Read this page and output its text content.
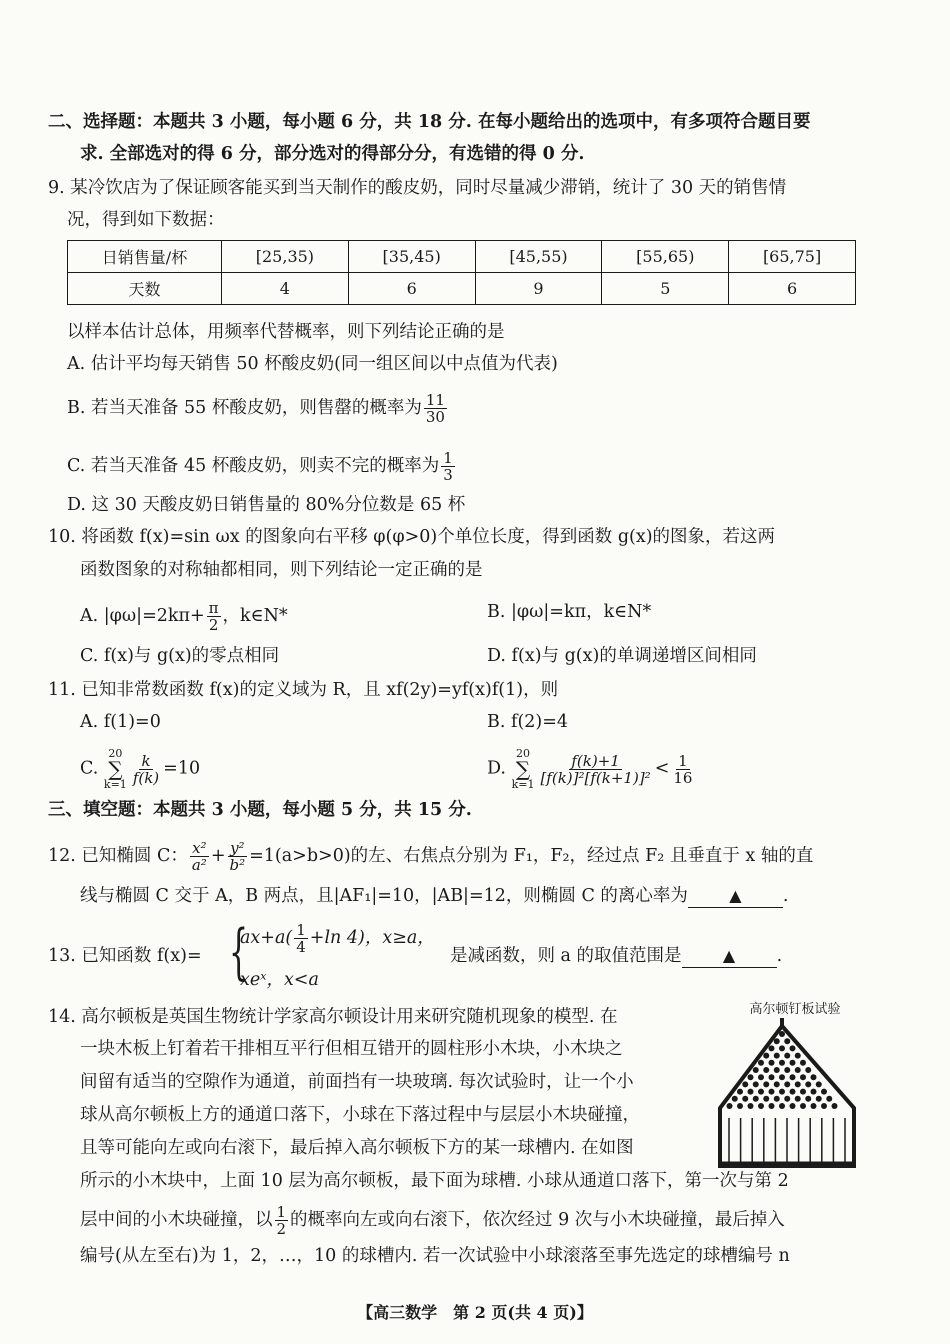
二、选择题：本题共 3 小题，每小题 6 分，共 18 分. 在每小题给出的选项中，有多项符合题目要
求. 全部选对的得 6 分，部分选对的得部分分，有选错的得 0 分.
9. 某冷饮店为了保证顾客能买到当天制作的酸皮奶，同时尽量减少滞销，统计了 30 天的销售情
况，得到如下数据：
日销售量/杯	[25,35)	[35,45)	[45,55)	[55,65)	[65,75]
天数	4	6	9	5	6
以样本估计总体，用频率代替概率，则下列结论正确的是
A. 估计平均每天销售 50 杯酸皮奶(同一组区间以中点值为代表)
B. 若当天准备 55 杯酸皮奶，则售罄的概率为 $\frac{11}{30}$
C. 若当天准备 45 杯酸皮奶，则卖不完的概率为 $\frac{1}{3}$
D. 这 30 天酸皮奶日销售量的 80%分位数是 65 杯
10. 将函数 f(x)=sin ωx 的图象向右平移 φ(φ>0)个单位长度，得到函数 g(x)的图象，若这两
函数图象的对称轴都相同，则下列结论一定正确的是
A. $|\varphi\omega|=2k\pi+ \frac{\pi}{2}$ ，k∈N*	B. |φω|=kπ，k∈N*
C. f(x)与 g(x)的零点相同	D. f(x)与 g(x)的单调递增区间相同
11. 已知非常数函数 f(x)的定义域为 R，且 xf(2y)=yf(x)f(1)，则
A. f(1)=0	B. f(2)=4
C.
20
∑
$k=1 \frac{k}{f(k)} =10$	D.
20
∑
$k=1 \frac{f(k)+1}{\text{[f(k)]²[f(k+1)]²}} < \frac{1}{16}$
三、填空题：本题共 3 小题，每小题 5 分，共 15 分.
12. 已知椭圆 C： $\frac{\text{x²}}{\text{a²}} + \frac{\text{y²}}{\text{b²}} =1(a>b>0)$的左、右焦点分别为 F₁，F₂，经过点 F₂ 且垂直于 x 轴的直
线与椭圆 C 交于 A，B 两点，且|AF₁|=10，|AB|=12，则椭圆 C 的离心率为	▲ .
13. 已知函数 f(x)= {
$ax+a( \frac{1}{4} +\ln$ 4)，x≥a，
xeˣ，x<a
是减函数，则 a 的取值范围是	▲ .
14. 高尔顿板是英国生物统计学家高尔顿设计用来研究随机现象的模型. 在
一块木板上钉着若干排相互平行但相互错开的圆柱形小木块，小木块之
间留有适当的空隙作为通道，前面挡有一块玻璃. 每次试验时，让一个小
球从高尔顿板上方的通道口落下，小球在下落过程中与层层小木块碰撞，
且等可能向左或向右滚下，最后掉入高尔顿板下方的某一球槽内. 在如图
所示的小木块中，上面 10 层为高尔顿板，最下面为球槽. 小球从通道口落下，第一次与第 2
层中间的小木块碰撞，以 $\frac{1}{2}$ 的概率向左或向右滚下，依次经过 9 次与小木块碰撞，最后掉入
编号(从左至右)为 1，2，…，10 的球槽内. 若一次试验中小球滚落至事先选定的球槽编号 n
高尔顿钉板试验
【高三数学　第 2 页(共 4 页)】
